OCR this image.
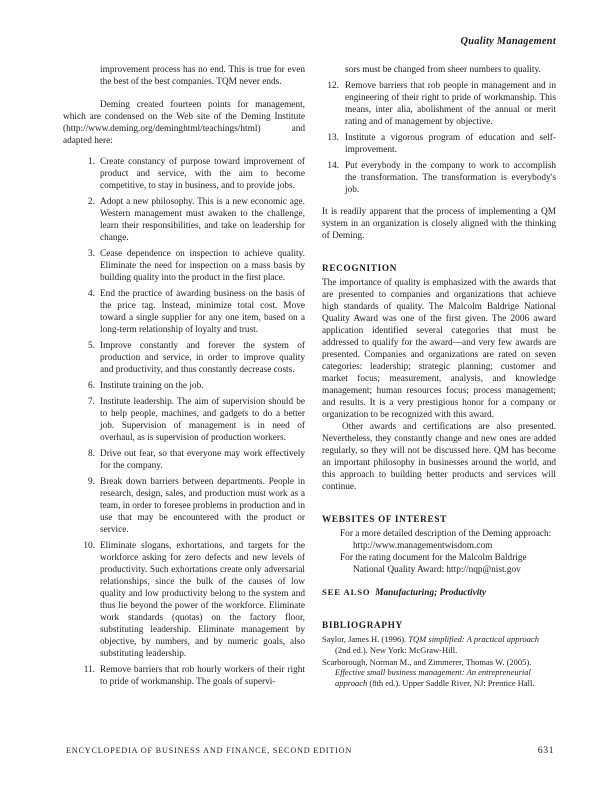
Quality Management

improvement process has no end. This is true for even the best of the best companies. TQM never ends.

Deming created fourteen points for management, which are condensed on the Web site of the Deming Institute (http://www.deming.org/deminghtml/teachings/html) and adapted here:

1. Create constancy of purpose toward improvement of product and service, with the aim to become competitive, to stay in business, and to provide jobs.
2. Adopt a new philosophy. This is a new economic age. Western management must awaken to the challenge, learn their responsibilities, and take on leadership for change.
3. Cease dependence on inspection to achieve quality. Eliminate the need for inspection on a mass basis by building quality into the product in the first place.
4. End the practice of awarding business on the basis of the price tag. Instead, minimize total cost. Move toward a single supplier for any one item, based on a long-term relationship of loyalty and trust.
5. Improve constantly and forever the system of production and service, in order to improve quality and productivity, and thus constantly decrease costs.
6. Institute training on the job.
7. Institute leadership. The aim of supervision should be to help people, machines, and gadgets to do a better job. Supervision of management is in need of overhaul, as is supervision of production workers.
8. Drive out fear, so that everyone may work effectively for the company.
9. Break down barriers between departments. People in research, design, sales, and production must work as a team, in order to foresee problems in production and in use that may be encountered with the product or service.
10. Eliminate slogans, exhortations, and targets for the workforce asking for zero defects and new levels of productivity. Such exhortations create only adversarial relationships, since the bulk of the causes of low quality and low productivity belong to the system and thus lie beyond the power of the workforce. Eliminate work standards (quotas) on the factory floor, substituting leadership. Eliminate management by objective, by numbers, and by numeric goals, also substituting leadership.
11. Remove barriers that rob hourly workers of their right to pride of workmanship. The goals of supervi-

sors must be changed from sheer numbers to quality.

12. Remove barriers that rob people in management and in engineering of their right to pride of workmanship. This means, inter alia, abolishment of the annual or merit rating and of management by objective.
13. Institute a vigorous program of education and self-improvement.
14. Put everybody in the company to work to accomplish the transformation. The transformation is everybody's job.

It is readily apparent that the process of implementing a QM system in an organization is closely aligned with the thinking of Deming.

RECOGNITION

The importance of quality is emphasized with the awards that are presented to companies and organizations that achieve high standards of quality. The Malcolm Baldrige National Quality Award was one of the first given. The 2006 award application identified several categories that must be addressed to qualify for the award—and very few awards are presented. Companies and organizations are rated on seven categories: leadership; strategic planning; customer and market focus; measurement, analysis, and knowledge management; human resources focus; process management; and results. It is a very prestigious honor for a company or organization to be recognized with this award.

Other awards and certifications are also presented. Nevertheless, they constantly change and new ones are added regularly, so they will not be discussed here. QM has become an important philosophy in businesses around the world, and this approach to building better products and services will continue.

WEBSITES OF INTEREST

For a more detailed description of the Deming approach: http://www.managementwisdom.com

For the rating document for the Malcolm Baldrige National Quality Award: http://nqp@nist.gov

SEE ALSO Manufacturing; Productivity

BIBLIOGRAPHY
Saylor, James H. (1996). TQM simplified: A practical approach (2nd ed.). New York: McGraw-Hill.
Scarborough, Norman M., and Zimmerer, Thomas W. (2005). Effective small business management: An entrepreneurial approach (8th ed.). Upper Saddle River, NJ: Prentice Hall.
ENCYCLOPEDIA OF BUSINESS AND FINANCE, SECOND EDITION	631
